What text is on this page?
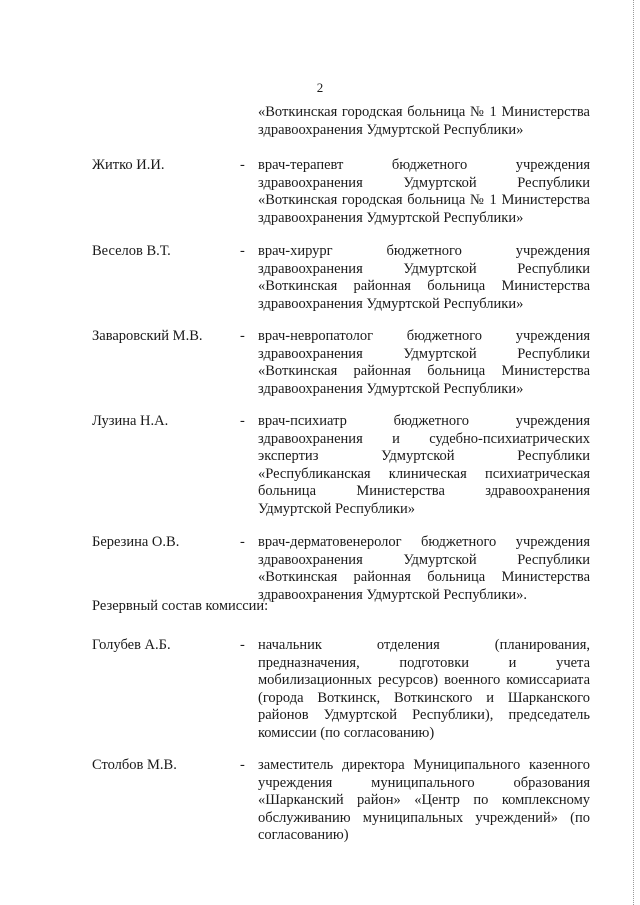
2
«Воткинская городская больница № 1 Министерства
здравоохранения Удмуртской Республики»
Житко И.И.	- врач-терапевт бюджетного учреждения
здравоохранения Удмуртской Республики
«Воткинская городская больница № 1 Министерства
здравоохранения Удмуртской Республики»
Веселов В.Т.	- врач-хирург бюджетного учреждения
здравоохранения Удмуртской Республики
«Воткинская районная больница Министерства
здравоохранения Удмуртской Республики»
Заваровский М.В.	- врач-невропатолог бюджетного учреждения
здравоохранения Удмуртской Республики
«Воткинская районная больница Министерства
здравоохранения Удмуртской Республики»
Лузина Н.А.	- врач-психиатр бюджетного учреждения
здравоохранения и судебно-психиатрических
экспертиз Удмуртской Республики
«Республиканская клиническая психиатрическая
больница Министерства здравоохранения
Удмуртской Республики»
Березина О.В.	- врач-дерматовенеролог бюджетного учреждения
здравоохранения Удмуртской Республики
«Воткинская районная больница Министерства
здравоохранения Удмуртской Республики».
Резервный состав комиссии:
Голубев А.Б.	- начальник отделения (планирования,
предназначения, подготовки и учета
мобилизационных ресурсов) военного комиссариата
(города Воткинск, Воткинского и Шарканского
районов Удмуртской Республики), председатель
комиссии (по согласованию)
Столбов М.В.	- заместитель директора Муниципального казенного
учреждения муниципального образования
«Шарканский район» «Центр по комплексному
обслуживанию муниципальных учреждений» (по
согласованию)
